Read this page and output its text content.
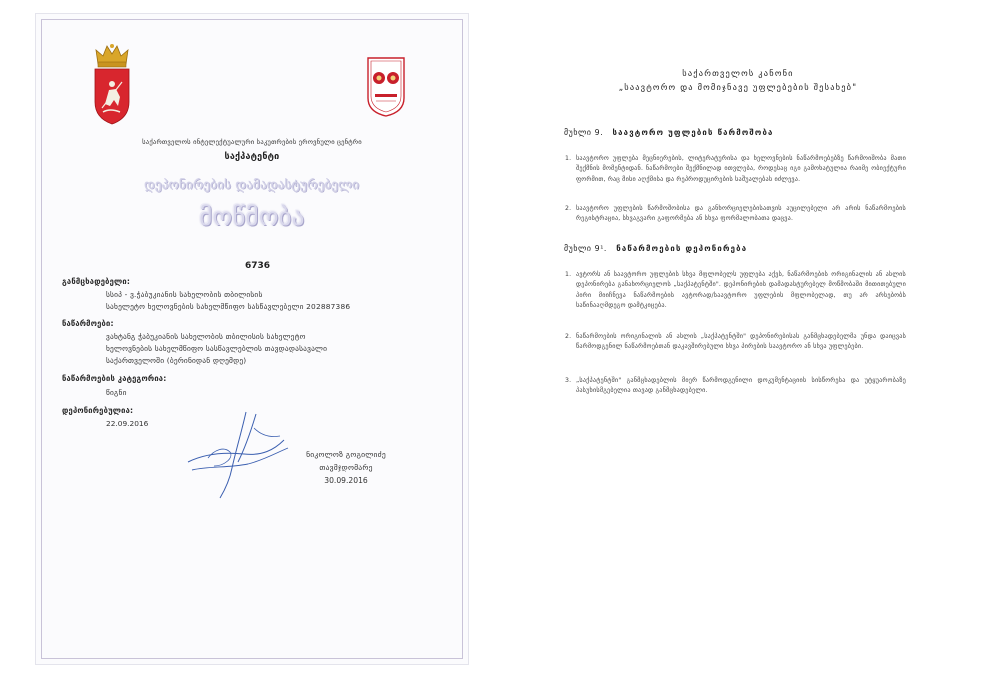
საქართველოს ინტელექტუალური საკუთრების ეროვნული ცენტრი
საქპატენტი
დეპონირების დამადასტურებელი
მოწმობა
6736
განმცხადებელი:
სსიპ - ვ.ჭაბუკიანის სახელობის თბილისის
სახელეტო ხელოვნების სახელმწიფო სასწავლებელი 202887386
ნაწარმოები:
ვახტანგ ჭაბუკიანის სახელობის თბილისის სახელეტო
ხელოვნების სახელმწიფო სასწავლებლის თავდადასავალი
საქართველოში (ბერინიდან დღემდე)
ნაწარმოების კატეგორია:
წიგნი
დეპონირებულია:
22.09.2016
ნიკოლოზ გოგილიძე
თავმჯდომარე
30.09.2016
საქართველოს კანონი
„საავტორო და მომიჯნავე უფლებების შესახებ"
მუხლი 9. საავტორო უფლების წარმოშობა
1. საავტორო უფლება მეცნიერების, ლიტერატურისა და ხელოვნების ნაწარმოებებზე წარმოიშობა მათი შექმნის მომენტიდან. ნაწარმოები შექმნილად ითვლება, როდესაც იგი გამოხატულია რაიმე ობიექტური ფორმით, რაც მისი აღქმისა და რეპროდუცირების საშუალებას იძლევა.
2. საავტორო უფლების წარმოშობისა და განხორციელებისათვის აუცილებელი არ არის ნაწარმოების რეგისტრაცია, სხვაგვარი გაფორმება ან სხვა ფორმალობათა დაცვა.
მუხლი 9¹. ნაწარმოების დეპონირება
1. ავტორს ან საავტორო უფლების სხვა მფლობელს უფლება აქვს, ნაწარმოების ორიგინალის ან ასლის დეპონირება განახორციელოს „საქპატენტში". დეპონირების დამადასტურებელ მოწმობაში მითითებული პირი მიიჩნევა ნაწარმოების ავტორად/საავტორო უფლების მფლობელად, თუ არ არსებობს საწინააღმდეგო დამტკიცება.
2. ნაწარმოების ორიგინალის ან ასლის „საქპატენტში" დეპონირებისას განმცხადებელმა უნდა დაიცვას წარმოდგენილ ნაწარმოებთან დაკავშირებული სხვა პირების საავტორო ან სხვა უფლებები.
3. „საქპატენტში" განმცხადებლის მიერ წარმოდგენილი დოკუმენტაციის სისწორესა და უტყუარობაზე პასუხისმგებელია თავად განმცხადებელი.
